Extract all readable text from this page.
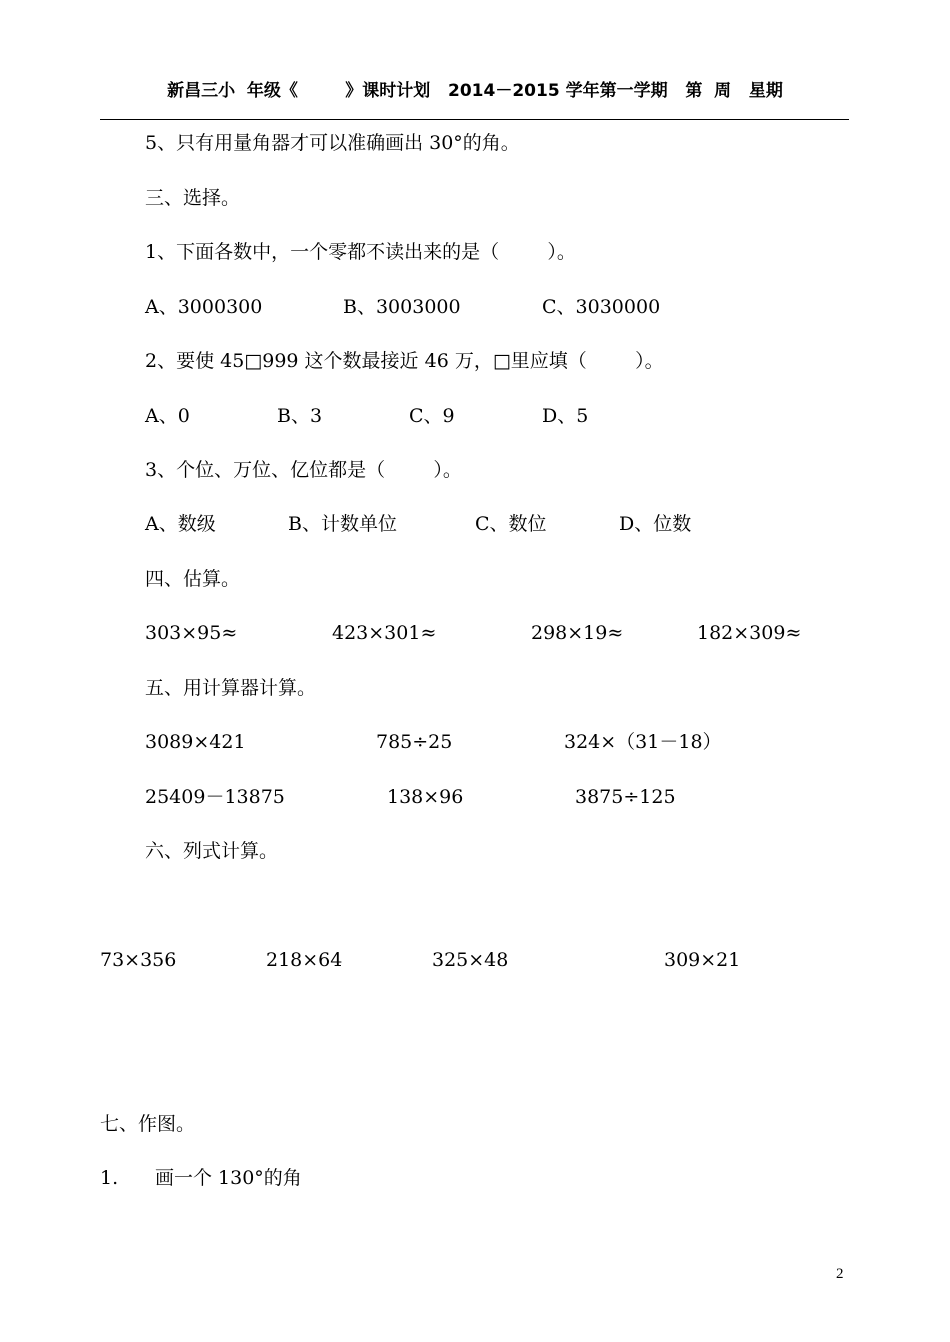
新昌三小  年级《        》课时计划   2014－2015 学年第一学期   第  周   星期
5、只有用量角器才可以准确画出 30°的角。
三、选择。
1、下面各数中，一个零都不读出来的是（        ）。
A、3000300	B、3003000	C、3030000
2、要使 45□999 这个数最接近 46 万，□里应填（        ）。
A、0	B、3	C、9	D、5
3、个位、万位、亿位都是（        ）。
A、数级	B、计数单位	C、数位	D、位数
四、估算。
303×95≈	423×301≈	298×19≈	182×309≈
五、用计算器计算。
3089×421	785÷25	324×（31－18）
25409－13875	138×96	3875÷125
六、列式计算。
73×356	218×64	325×48	309×21
七、作图。
1. 画一个 130°的角
2
